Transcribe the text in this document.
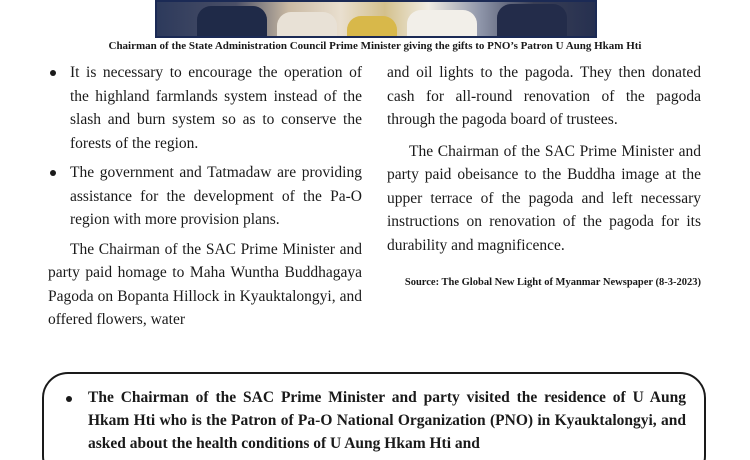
Chairman of the State Administration Council Prime Minister giving the gifts to PNO’s Patron U Aung Hkam Hti
It is necessary to encourage the operation of the highland farmlands system instead of the slash and burn system so as to conserve the forests of the region.
The government and Tatmadaw are providing assistance for the development of the Pa-O region with more provision plans.

The Chairman of the SAC Prime Minister and party paid homage to Maha Wuntha Buddhagaya Pagoda on Bopanta Hillock in Kyauktalongyi, and offered flowers, water

and oil lights to the pagoda. They then donated cash for all-round renovation of the pagoda through the pagoda board of trustees.

The Chairman of the SAC Prime Minister and party paid obeisance to the Buddha image at the upper terrace of the pagoda and left necessary instructions on renovation of the pagoda for its durability and magnificence.

Source: The Global New Light of Myanmar Newspaper (8-3-2023)

The Chairman of the SAC Prime Minister and party visited the residence of U Aung Hkam Hti who is the Patron of Pa-O National Organization (PNO) in Kyauktalongyi, and asked about the health conditions of U Aung Hkam Hti and
